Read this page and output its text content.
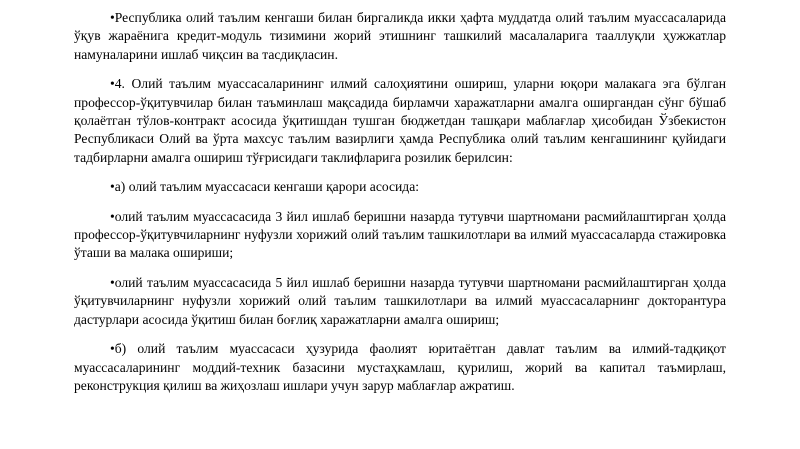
•Республика олий таълим кенгаши билан биргаликда икки ҳафта муддатда олий таълим муассасаларида ўқув жараёнига кредит-модуль тизимини жорий этишнинг ташкилий масалаларига тааллуқли ҳужжатлар намуналарини ишлаб чиқсин ва тасдиқласин.

•4. Олий таълим муассасаларининг илмий салоҳиятини ошириш, уларни юқори малакага эга бўлган профессор-ўқитувчилар билан таъминлаш мақсадида бирламчи харажатларни амалга оширгандан сўнг бўшаб қолаётган тўлов-контракт асосида ўқитишдан тушган бюджетдан ташқари маблағлар ҳисобидан Ўзбекистон Республикаси Олий ва ўрта махсус таълим вазирлиги ҳамда Республика олий таълим кенгашининг қуйидаги тадбирларни амалга ошириш тўғрисидаги таклифларига розилик берилсин:

•а) олий таълим муассасаси кенгаши қарори асосида:

•олий таълим муассасасида 3 йил ишлаб беришни назарда тутувчи шартномани расмийлаштирган ҳолда профессор-ўқитувчиларнинг нуфузли хорижий олий таълим ташкилотлари ва илмий муассасаларда стажировка ўташи ва малака ошириши;

•олий таълим муассасасида 5 йил ишлаб беришни назарда тутувчи шартномани расмийлаштирган ҳолда ўқитувчиларнинг нуфузли хорижий олий таълим ташкилотлари ва илмий муассасаларнинг докторантура дастурлари асосида ўқитиш билан боғлиқ харажатларни амалга ошириш;

•б) олий таълим муассасаси ҳузурида фаолият юритаётган давлат таълим ва илмий-тадқиқот муассасаларининг моддий-техник базасини мустаҳкамлаш, қурилиш, жорий ва капитал таъмирлаш, реконструкция қилиш ва жиҳозлаш ишлари учун зарур маблағлар ажратиш.
